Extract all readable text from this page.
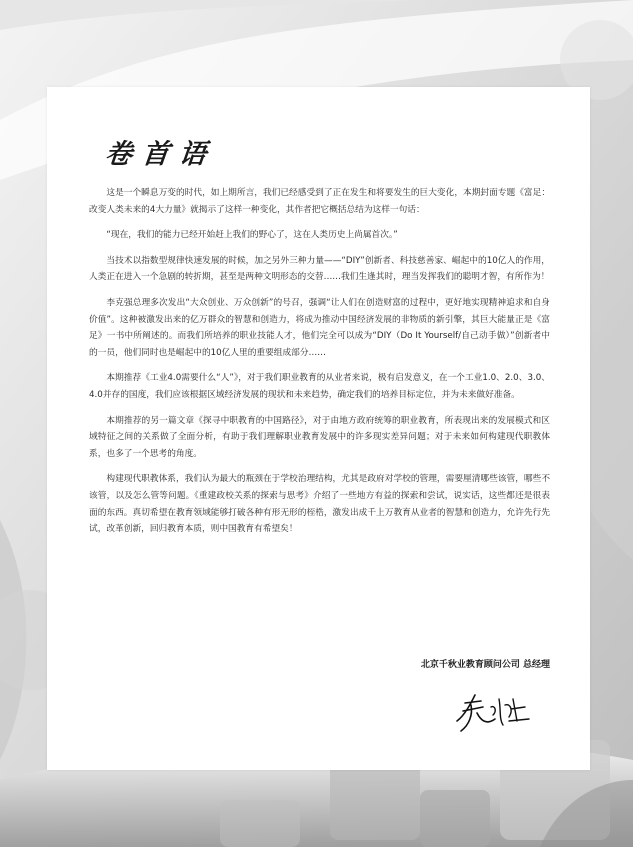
卷首语

这是一个瞬息万变的时代，如上期所言，我们已经感受到了正在发生和将要发生的巨大变化，本期封面专题《富足：改变人类未来的4大力量》就揭示了这样一种变化，其作者把它概括总结为这样一句话：

“现在，我们的能力已经开始赶上我们的野心了，这在人类历史上尚属首次。”

当技术以指数型规律快速发展的时候，加之另外三种力量——“DIY”创新者、科技慈善家、崛起中的10亿人的作用，人类正在进入一个急剧的转折期，甚至是两种文明形态的交替……我们生逢其时，理当发挥我们的聪明才智，有所作为！

李克强总理多次发出“大众创业、万众创新”的号召，强调“让人们在创造财富的过程中，更好地实现精神追求和自身价值”。这种被激发出来的亿万群众的智慧和创造力，将成为推动中国经济发展的非物质的新引擎，其巨大能量正是《富足》一书中所阐述的。而我们所培养的职业技能人才，他们完全可以成为“DIY（Do It Yourself/自己动手做）”创新者中的一员，他们同时也是崛起中的10亿人里的重要组成部分……

本期推荐《工业4.0需要什么“人”》，对于我们职业教育的从业者来说，极有启发意义，在一个工业1.0、2.0、3.0、4.0并存的国度，我们应该根据区域经济发展的现状和未来趋势，确定我们的培养目标定位，并为未来做好准备。

本期推荐的另一篇文章《探寻中职教育的中国路径》，对于由地方政府统筹的职业教育，所表现出来的发展模式和区域特征之间的关系做了全面分析，有助于我们理解职业教育发展中的许多现实差异问题；对于未来如何构建现代职教体系，也多了一个思考的角度。

构建现代职教体系，我们认为最大的瓶颈在于学校治理结构，尤其是政府对学校的管理，需要厘清哪些该管，哪些不该管，以及怎么管等问题。《重建政校关系的探索与思考》介绍了一些地方有益的探索和尝试，说实话，这些都还是很表面的东西。真切希望在教育领域能够打破各种有形无形的桎梏，激发出成千上万教育从业者的智慧和创造力，允许先行先试，改革创新，回归教育本质，则中国教育有希望矣！

北京千秋业教育顾问公司 总经理
